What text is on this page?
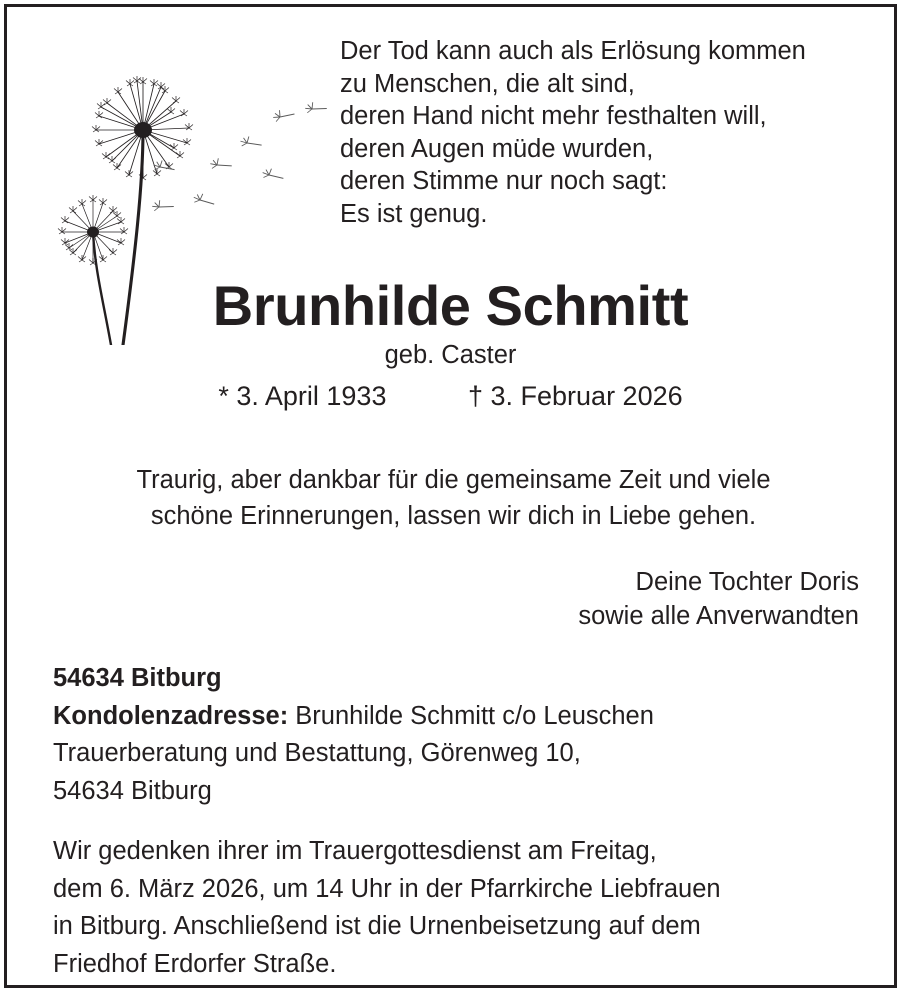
Der Tod kann auch als Erlösung kommen
zu Menschen, die alt sind,
deren Hand nicht mehr festhalten will,
deren Augen müde wurden,
deren Stimme nur noch sagt:
Es ist genug.
Brunhilde Schmitt
geb. Caster
* 3. April 1933	† 3. Februar 2026
Traurig, aber dankbar für die gemeinsame Zeit und viele
schöne Erinnerungen, lassen wir dich in Liebe gehen.
Deine Tochter Doris
sowie alle Anverwandten
54634 Bitburg
Kondolenzadresse: Brunhilde Schmitt c/o Leuschen
Trauerberatung und Bestattung, Görenweg 10,
54634 Bitburg
Wir gedenken ihrer im Trauergottesdienst am Freitag,
dem 6. März 2026, um 14 Uhr in der Pfarrkirche Liebfrauen
in Bitburg. Anschließend ist die Urnenbeisetzung auf dem
Friedhof Erdorfer Straße.
